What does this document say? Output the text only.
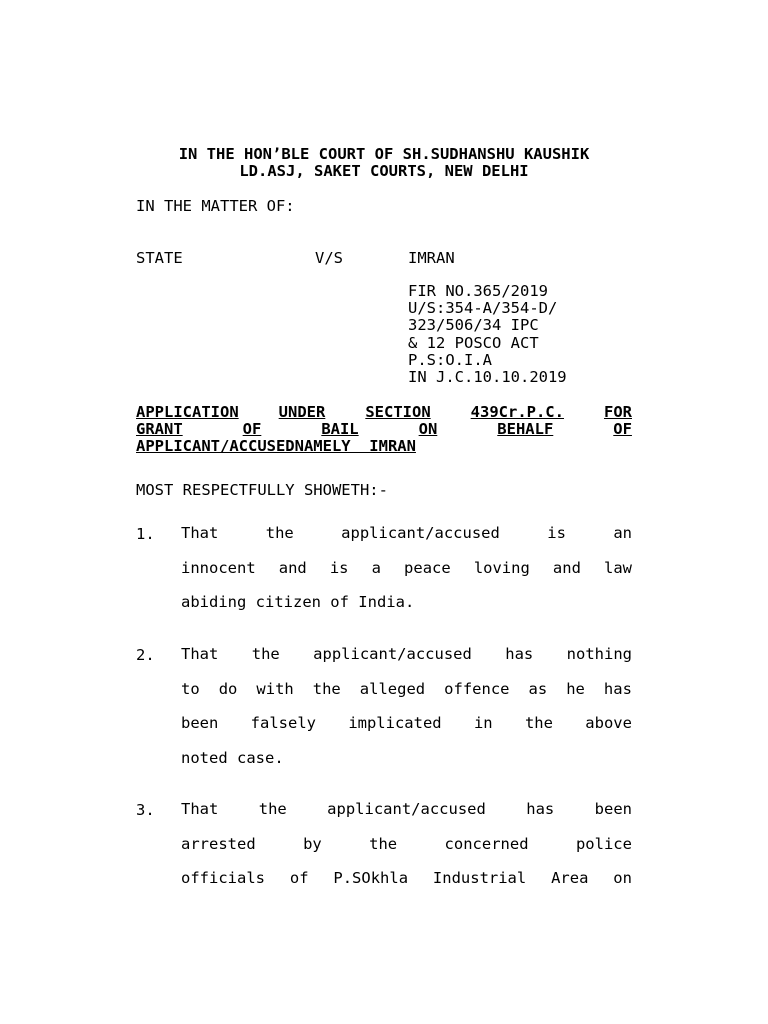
IN THE HON’BLE COURT OF SH.SUDHANSHU KAUSHIK
LD.ASJ, SAKET COURTS, NEW DELHI
IN THE MATTER OF:
STATE	V/S	IMRAN
FIR NO.365/2019
U/S:354-A/354-D/
323/506/34 IPC
& 12 POSCO ACT
P.S:O.I.A
IN J.C.10.10.2019
APPLICATION	UNDER	SECTION	439Cr.P.C.	FOR
GRANT	OF	BAIL	ON	BEHALF	OF
APPLICANT/ACCUSEDNAMELY  IMRAN
MOST RESPECTFULLY SHOWETH:-
1. That	the	applicant/accused	is	an
innocent and is a peace loving and law
abiding citizen of India.
2. That the applicant/accused has nothing
to do with the alleged offence as he has
been falsely implicated in the above
noted case.
3. That	the	applicant/accused	has	been
arrested	by	the	concerned	police
officials of P.SOkhla Industrial Area on
